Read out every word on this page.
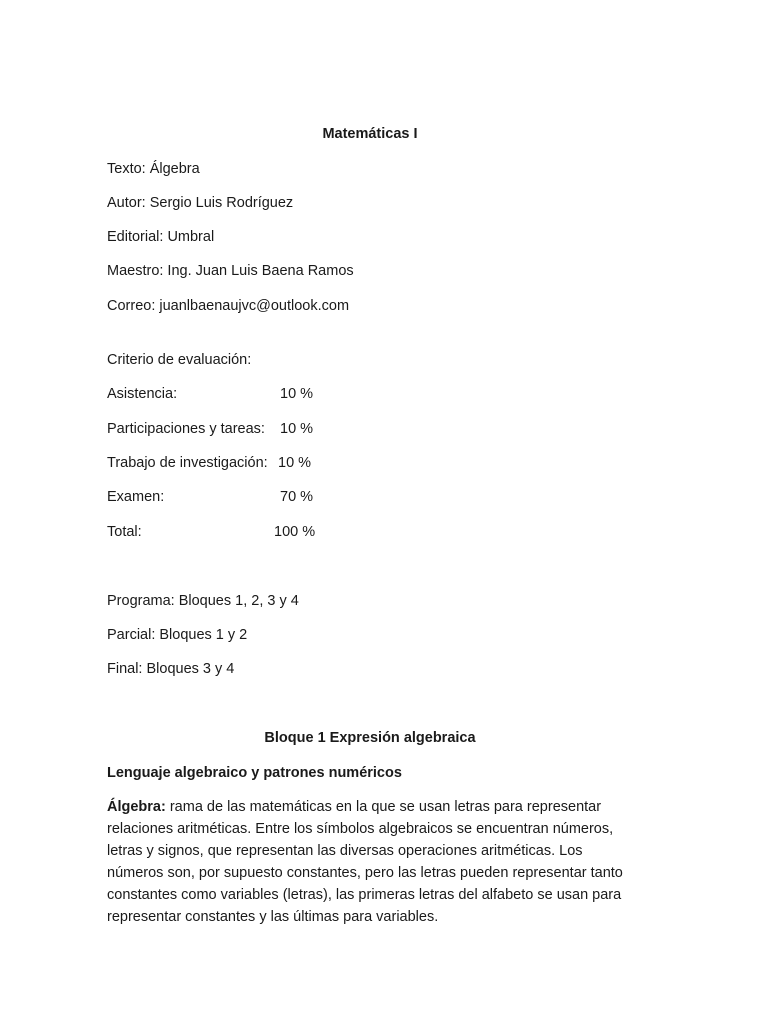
Matemáticas I
Texto: Álgebra
Autor: Sergio Luis Rodríguez
Editorial: Umbral
Maestro: Ing. Juan Luis Baena Ramos
Correo: juanlbaenaujvc@outlook.com
Criterio de evaluación:
Asistencia:	10 %
Participaciones y tareas: 10 %
Trabajo de investigación: 10 %
Examen:	70 %
Total:	100 %
Programa: Bloques 1, 2, 3 y 4
Parcial: Bloques 1 y 2
Final: Bloques 3 y 4
Bloque 1 Expresión algebraica
Lenguaje algebraico y patrones numéricos
Álgebra: rama de las matemáticas en la que se usan letras para representar
relaciones aritméticas. Entre los símbolos algebraicos se encuentran números,
letras y signos, que representan las diversas operaciones aritméticas. Los
números son, por supuesto constantes, pero las letras pueden representar tanto
constantes como variables (letras), las primeras letras del alfabeto se usan para
representar constantes y las últimas para variables.
